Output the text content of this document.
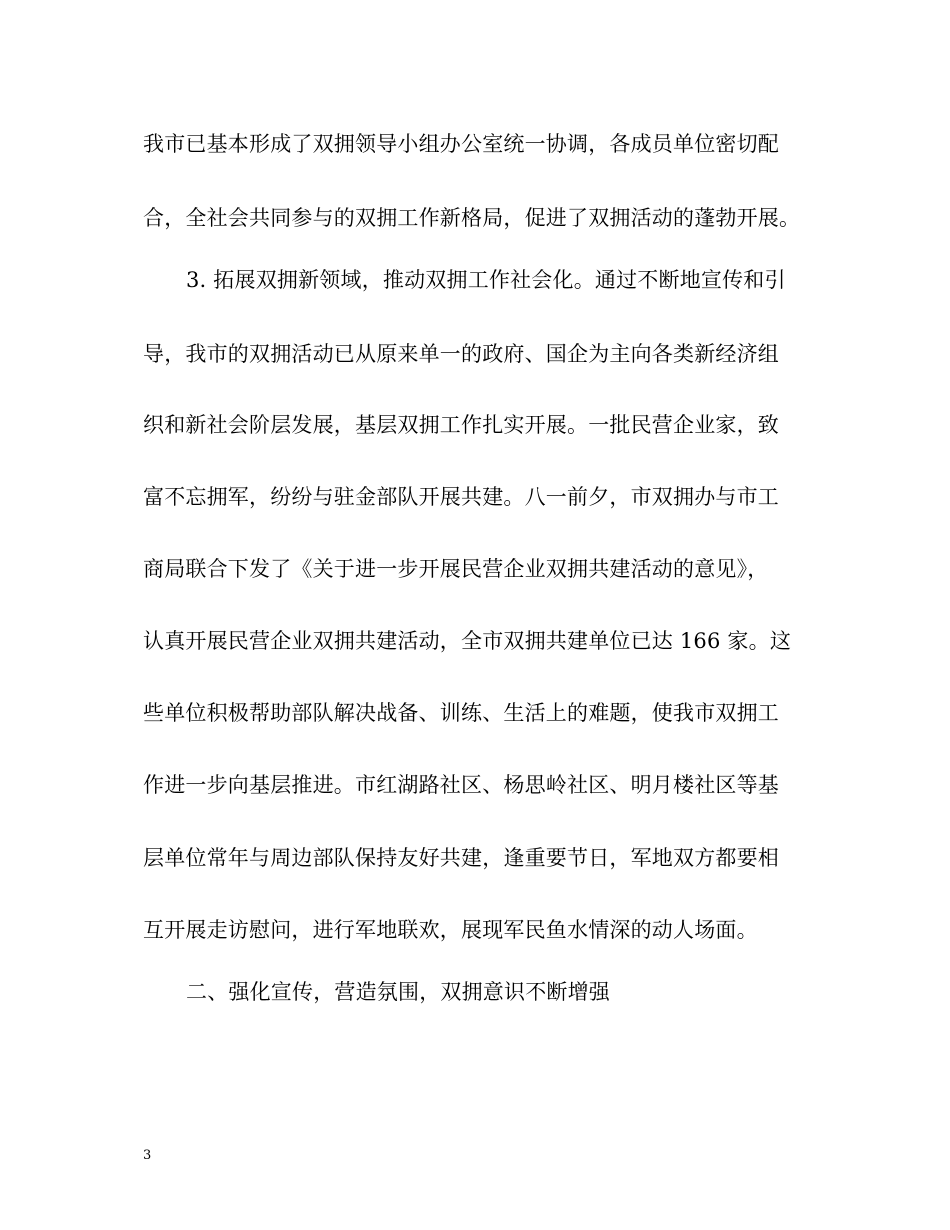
我市已基本形成了双拥领导小组办公室统一协调，各成员单位密切配
合，全社会共同参与的双拥工作新格局，促进了双拥活动的蓬勃开展。
3. 拓展双拥新领域，推动双拥工作社会化。通过不断地宣传和引
导，我市的双拥活动已从原来单一的政府、国企为主向各类新经济组
织和新社会阶层发展，基层双拥工作扎实开展。一批民营企业家，致
富不忘拥军，纷纷与驻金部队开展共建。八一前夕，市双拥办与市工
商局联合下发了《关于进一步开展民营企业双拥共建活动的意见》，
认真开展民营企业双拥共建活动，全市双拥共建单位已达 166 家。这
些单位积极帮助部队解决战备、训练、生活上的难题，使我市双拥工
作进一步向基层推进。市红湖路社区、杨思岭社区、明月楼社区等基
层单位常年与周边部队保持友好共建，逢重要节日，军地双方都要相
互开展走访慰问，进行军地联欢，展现军民鱼水情深的动人场面。
二、强化宣传，营造氛围，双拥意识不断增强
3
